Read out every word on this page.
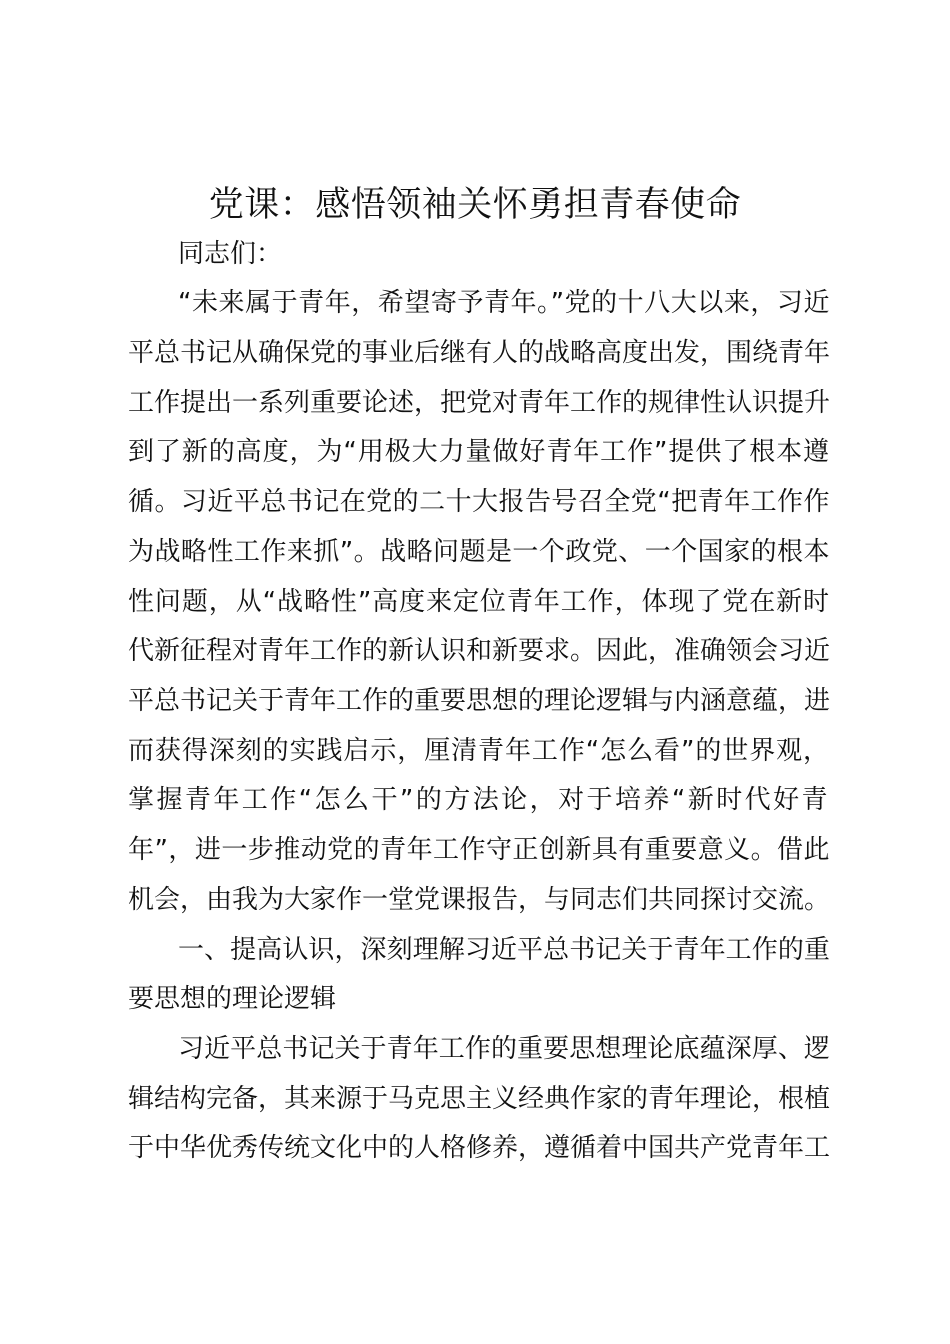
党课：感悟领袖关怀勇担青春使命
同志们：
“未来属于青年，希望寄予青年。”党的十八大以来，习近
平总书记从确保党的事业后继有人的战略高度出发，围绕青年
工作提出一系列重要论述，把党对青年工作的规律性认识提升
到了新的高度，为“用极大力量做好青年工作”提供了根本遵
循。习近平总书记在党的二十大报告号召全党“把青年工作作
为战略性工作来抓”。战略问题是一个政党、一个国家的根本
性问题，从“战略性”高度来定位青年工作，体现了党在新时
代新征程对青年工作的新认识和新要求。因此，准确领会习近
平总书记关于青年工作的重要思想的理论逻辑与内涵意蕴，进
而获得深刻的实践启示，厘清青年工作“怎么看”的世界观，
掌握青年工作“怎么干”的方法论，对于培养“新时代好青
年”，进一步推动党的青年工作守正创新具有重要意义。借此
机会，由我为大家作一堂党课报告，与同志们共同探讨交流。
一、提高认识，深刻理解习近平总书记关于青年工作的重
要思想的理论逻辑
习近平总书记关于青年工作的重要思想理论底蕴深厚、逻
辑结构完备，其来源于马克思主义经典作家的青年理论，根植
于中华优秀传统文化中的人格修养，遵循着中国共产党青年工
